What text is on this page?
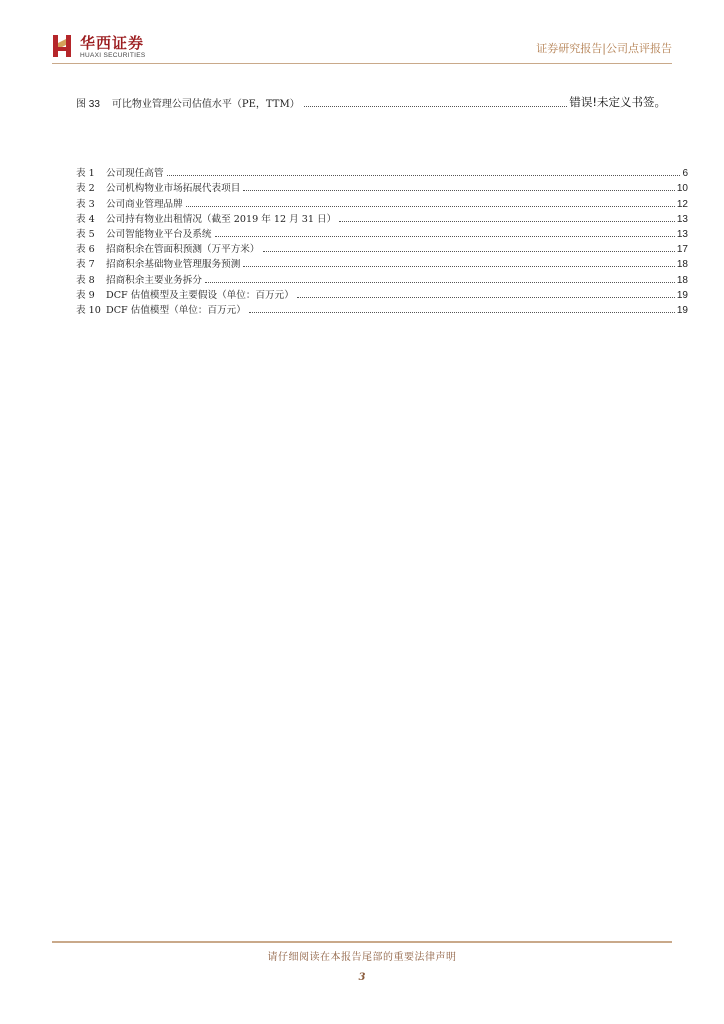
华西证券
HUAXI SECURITIES
证券研究报告|公司点评报告
图 33 可比物业管理公司估值水平（PE，TTM）	错误!未定义书签。
表 1	公司现任高管	6
表 2	公司机构物业市场拓展代表项目	10
表 3	公司商业管理品牌	12
表 4	公司持有物业出租情况（截至 2019 年 12 月 31 日）	13
表 5	公司智能物业平台及系统	13
表 6	招商积余在管面积预测（万平方米）	17
表 7	招商积余基础物业管理服务预测	18
表 8	招商积余主要业务拆分	18
表 9	DCF 估值模型及主要假设（单位：百万元）	19
表 10 DCF 估值模型（单位：百万元）	19
请仔细阅读在本报告尾部的重要法律声明
3
